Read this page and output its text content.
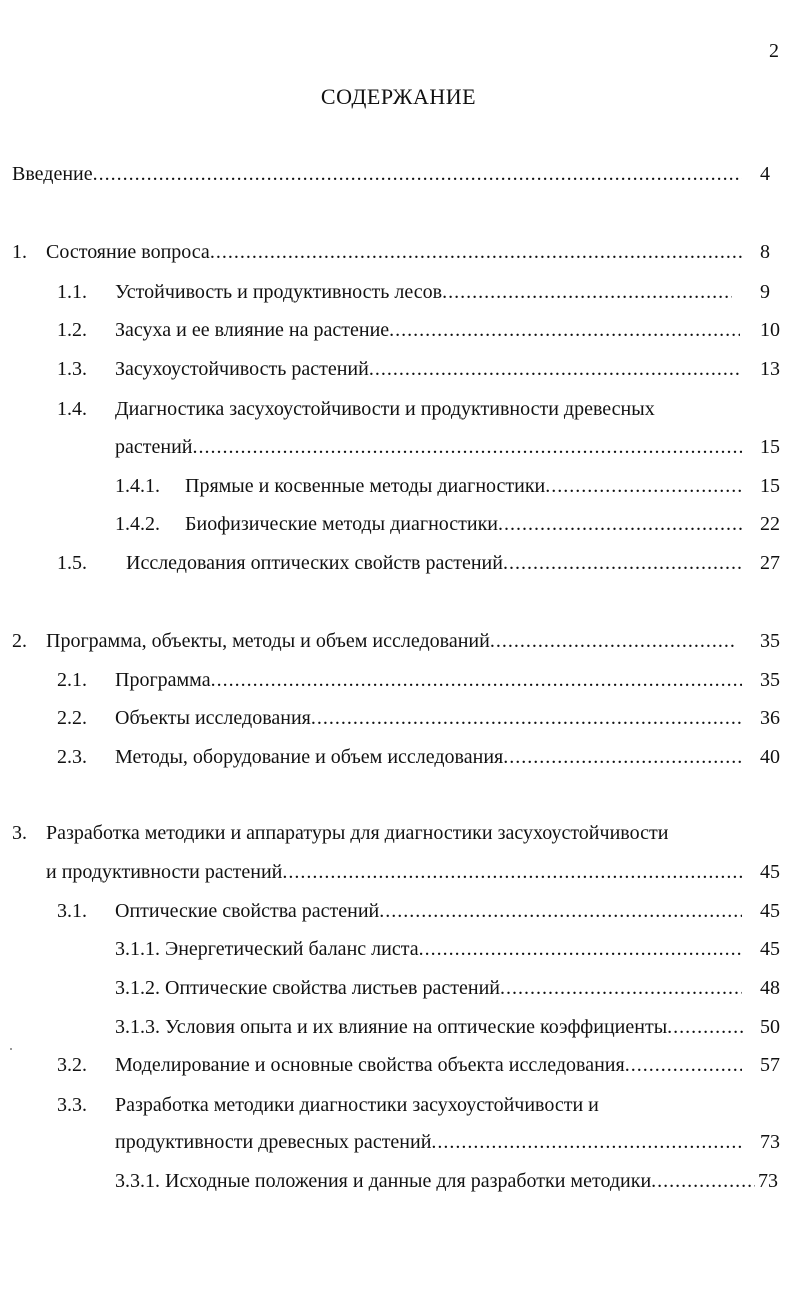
2
СОДЕРЖАНИЕ
Введение .....	4
1. Состояние вопроса .....	8
1.1. Устойчивость и продуктивность лесов .....	9
1.2. Засуха и ее влияние на растение .....	10
1.3. Засухоустойчивость растений .....	13
1.4. Диагностика засухоустойчивости и продуктивности древесных
растений .....	15
1.4.1. Прямые и косвенные методы диагностики .....	15
1.4.2. Биофизические методы диагностики .....	22
1.5. Исследования оптических свойств растений .....	27
2. Программа, объекты, методы и объем исследований .....	35
2.1. Программа .....	35
2.2. Объекты исследования .....	36
2.3. Методы, оборудование и объем исследования .....	40
3. Разработка методики и аппаратуры для диагностики засухоустойчивости
и продуктивности растений .....	45
3.1. Оптические свойства растений .....	45
3.1.1. Энергетический баланс листа .....	45
3.1.2. Оптические свойства листьев растений .....	48
3.1.3. Условия опыта и их влияние на оптические коэффициенты .....	50
3.2. Моделирование и основные свойства объекта исследования .....	57
3.3. Разработка методики диагностики засухоустойчивости и
продуктивности древесных растений .....	73
3.3.1. Исходные положения и данные для разработки методики .....	73
